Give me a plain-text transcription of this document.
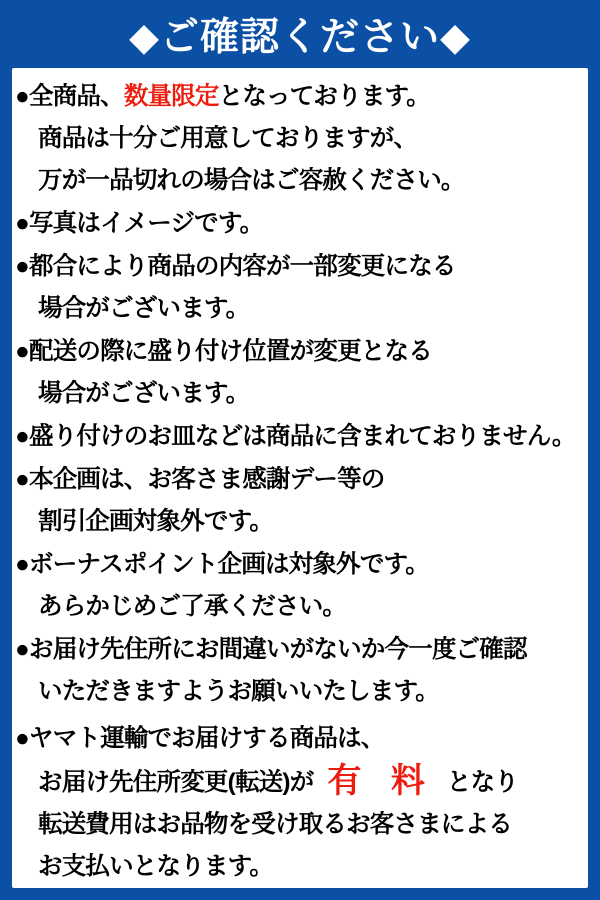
◆ご確認ください◆
●全商品、数量限定となっております。
商品は十分ご用意しておりますが、
万が一品切れの場合はご容赦ください。
●写真はイメージです。
●都合により商品の内容が一部変更になる
場合がございます。
●配送の際に盛り付け位置が変更となる
場合がございます。
●盛り付けのお皿などは商品に含まれておりません。
●本企画は、お客さま感謝デー等の
割引企画対象外です。
●ボーナスポイント企画は対象外です。
あらかじめご了承ください。
●お届け先住所にお間違いがないか今一度ご確認
いただきますようお願いいたします。
●ヤマト運輸でお届けする商品は、
お届け先住所変更(転送)が 有 料 となり
転送費用はお品物を受け取るお客さまによる
お支払いとなります。
